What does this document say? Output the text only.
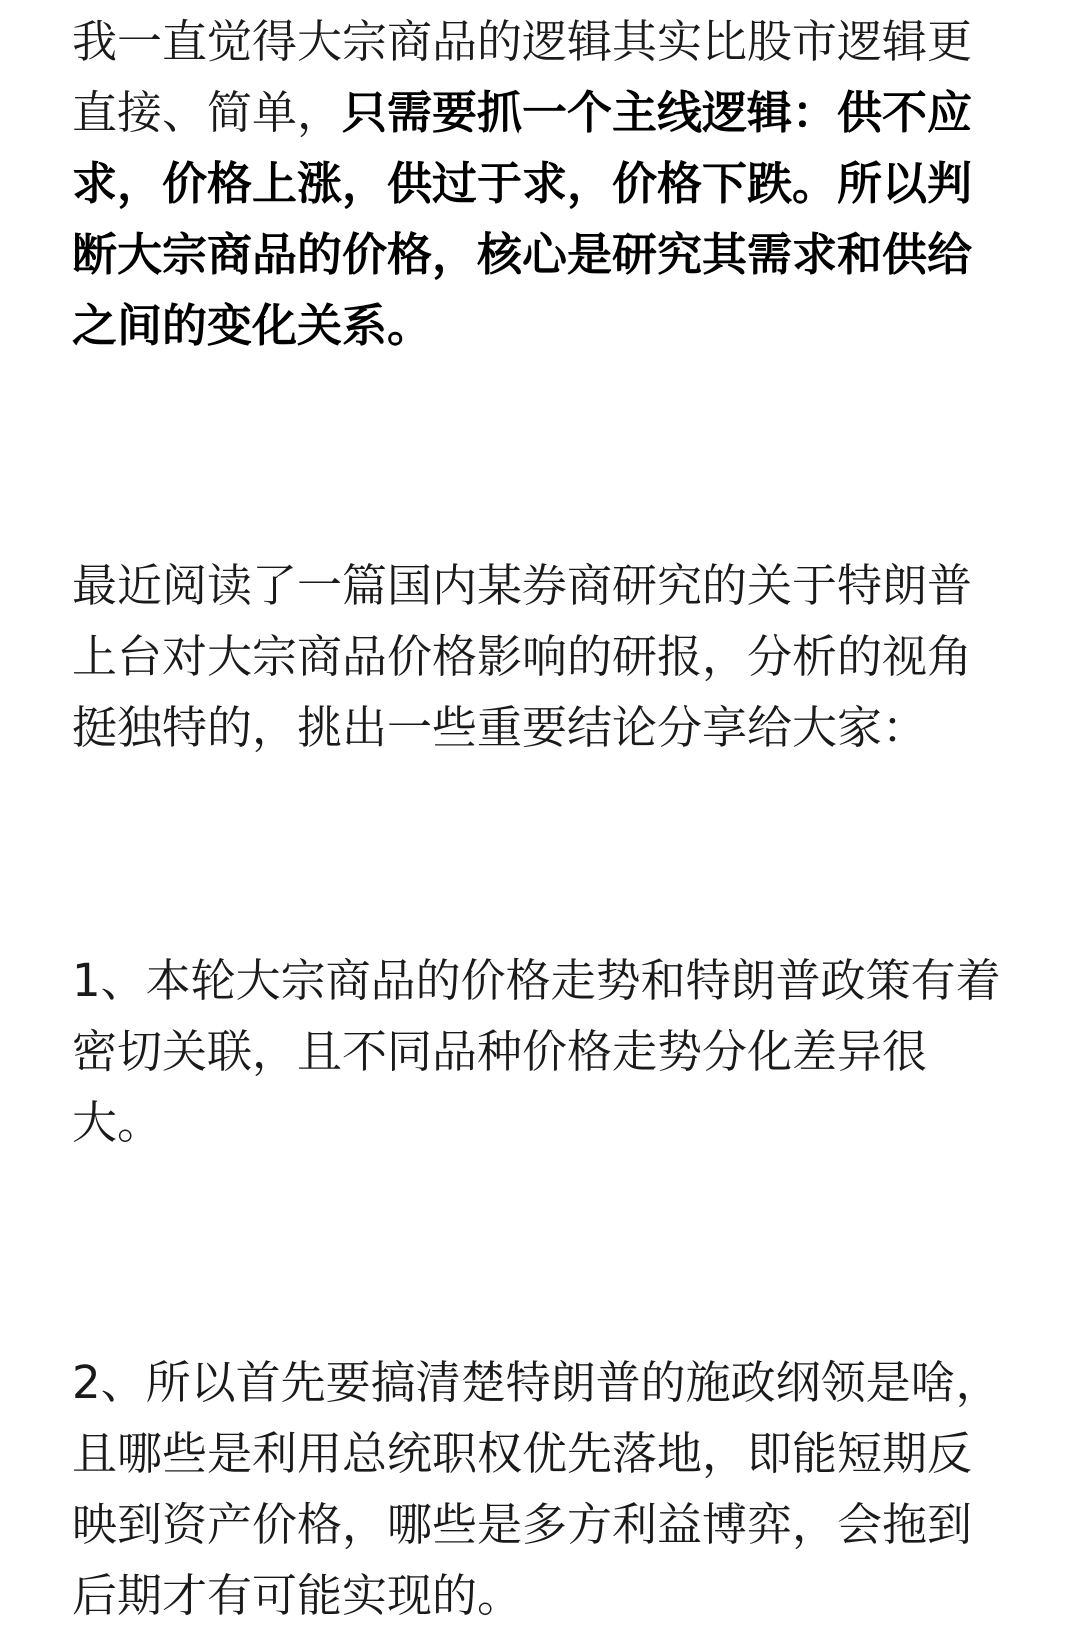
我一直觉得大宗商品的逻辑其实比股市逻辑更
直接、简单，只需要抓一个主线逻辑：供不应
求，价格上涨，供过于求，价格下跌。所以判
断大宗商品的价格，核心是研究其需求和供给
之间的变化关系。

最近阅读了一篇国内某券商研究的关于特朗普
上台对大宗商品价格影响的研报，分析的视角
挺独特的，挑出一些重要结论分享给大家：

1、本轮大宗商品的价格走势和特朗普政策有着
密切关联，且不同品种价格走势分化差异很
大。

2、所以首先要搞清楚特朗普的施政纲领是啥，
且哪些是利用总统职权优先落地，即能短期反
映到资产价格，哪些是多方利益博弈，会拖到
后期才有可能实现的。
